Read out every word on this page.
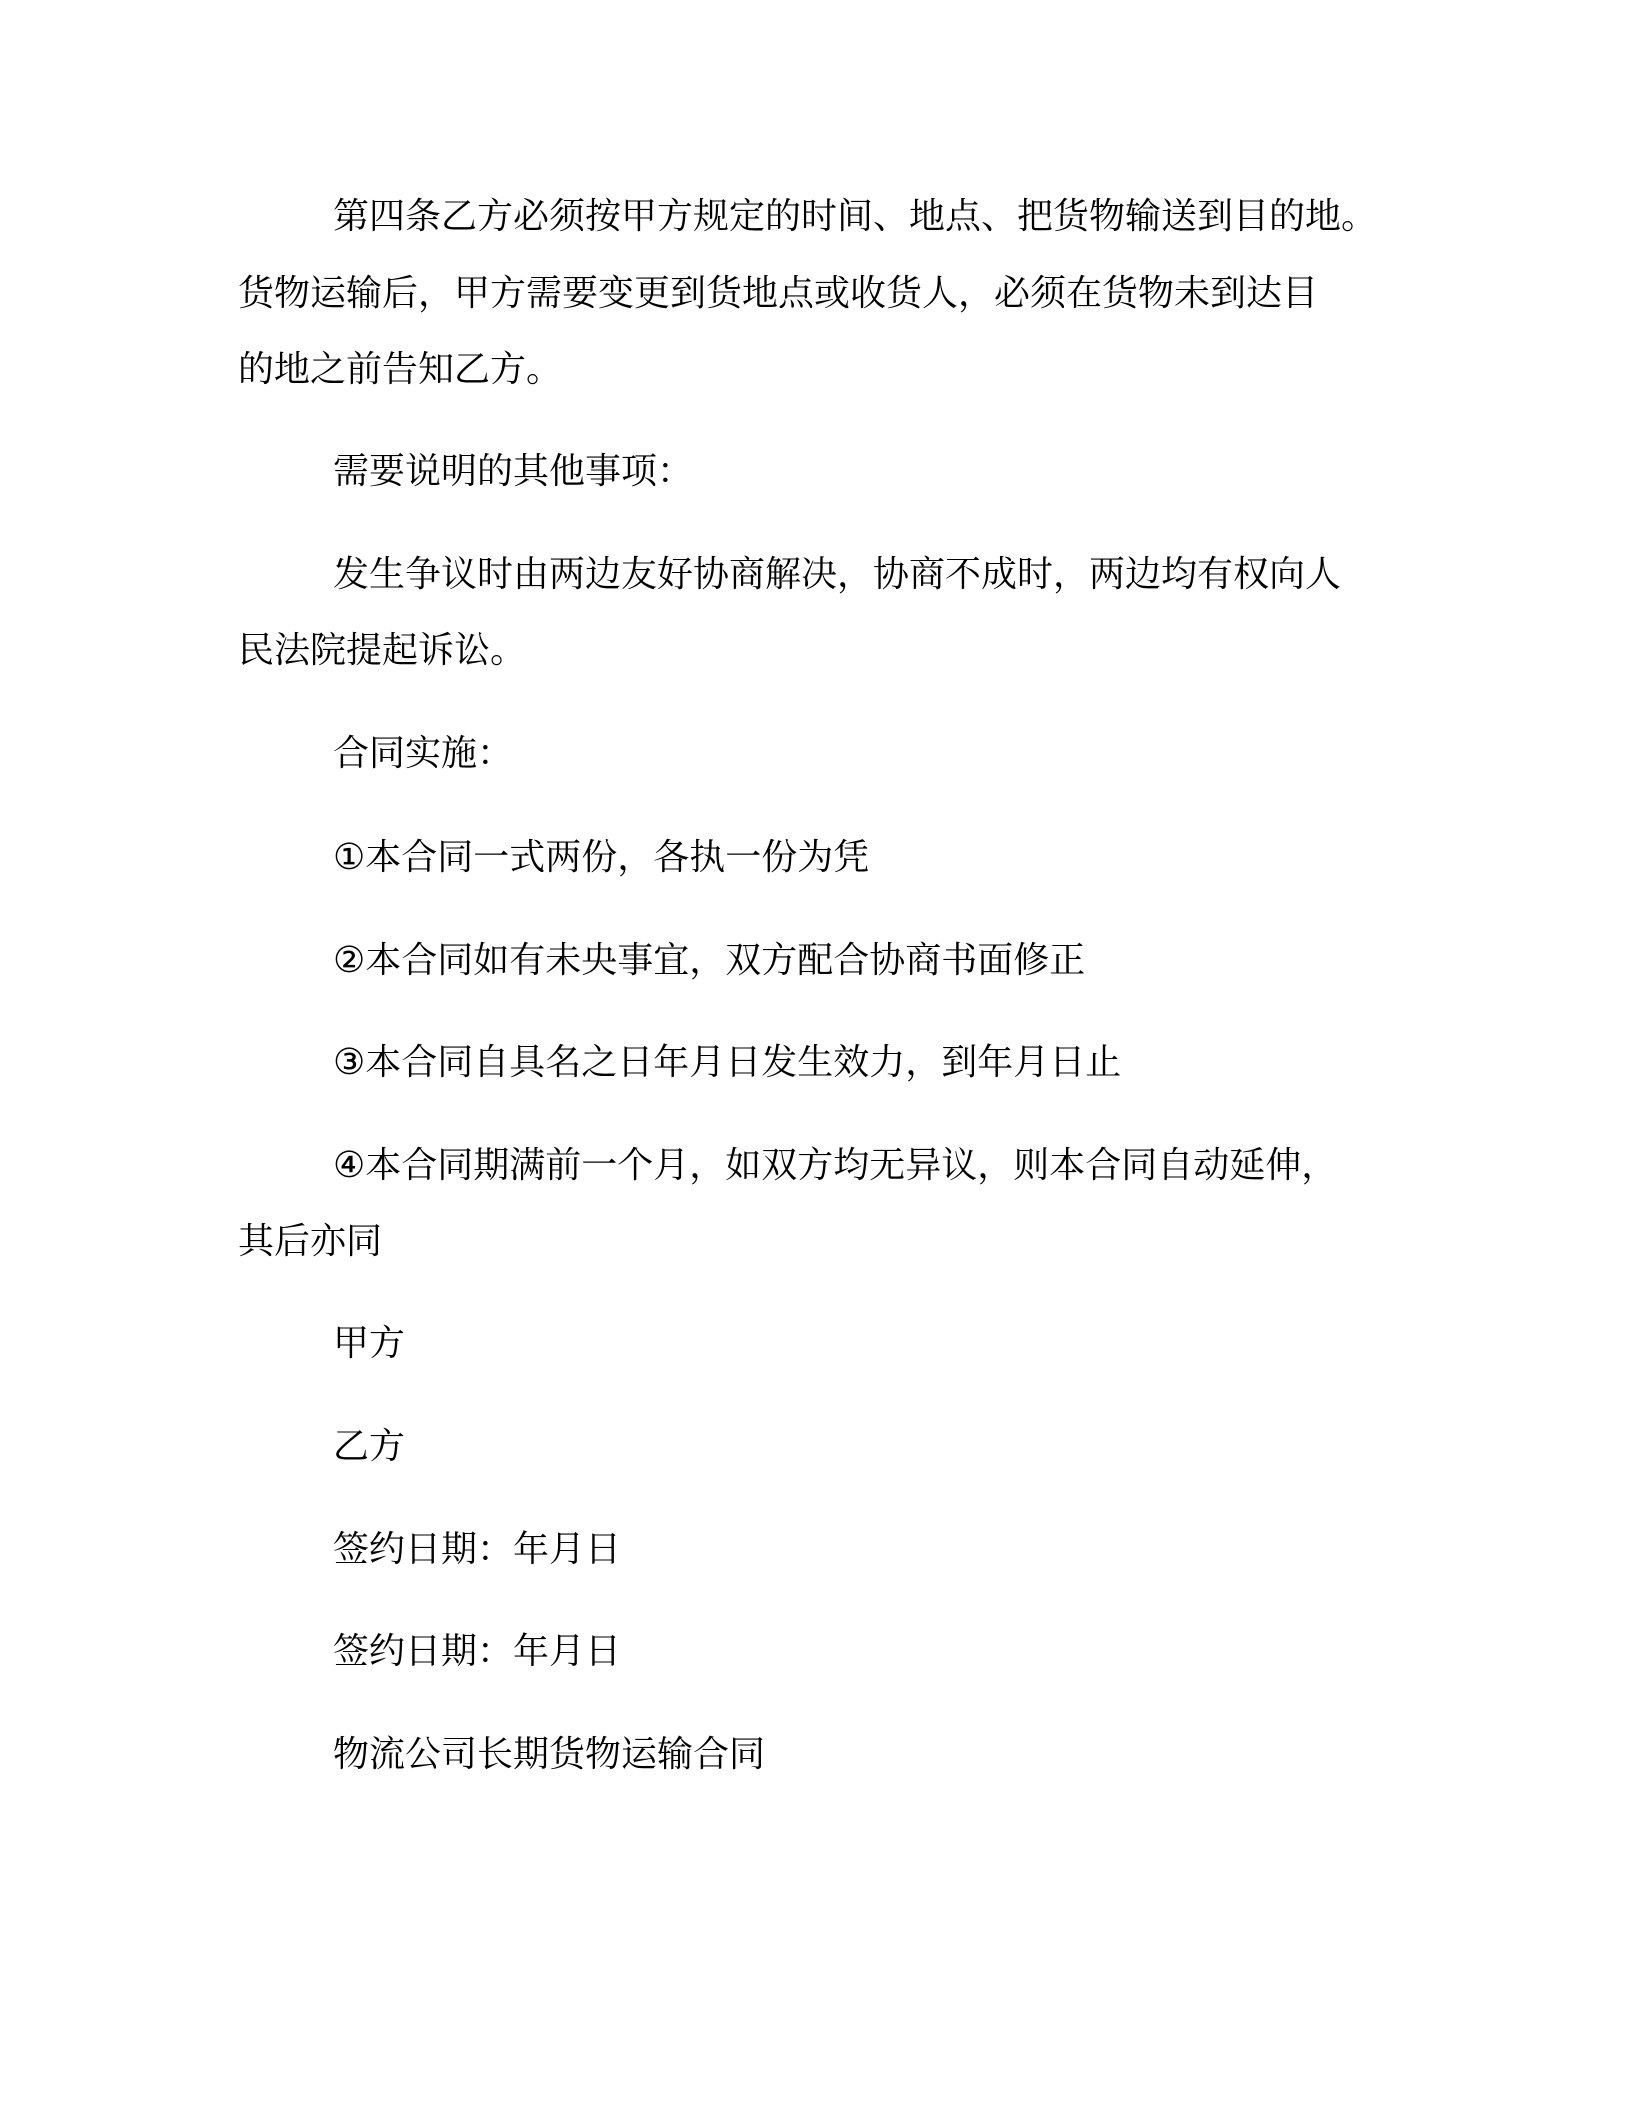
第四条乙方必须按甲方规定的时间、地点、把货物输送到目的地。

货物运输后，甲方需要变更到货地点或收货人，必须在货物未到达目

的地之前告知乙方。

需要说明的其他事项：

发生争议时由两边友好协商解决，协商不成时，两边均有权向人

民法院提起诉讼。

合同实施：

①本合同一式两份，各执一份为凭

②本合同如有未央事宜，双方配合协商书面修正

③本合同自具名之日年月日发生效力，到年月日止

④本合同期满前一个月，如双方均无异议，则本合同自动延伸，

其后亦同

甲方

乙方

签约日期：年月日

签约日期：年月日

物流公司长期货物运输合同
